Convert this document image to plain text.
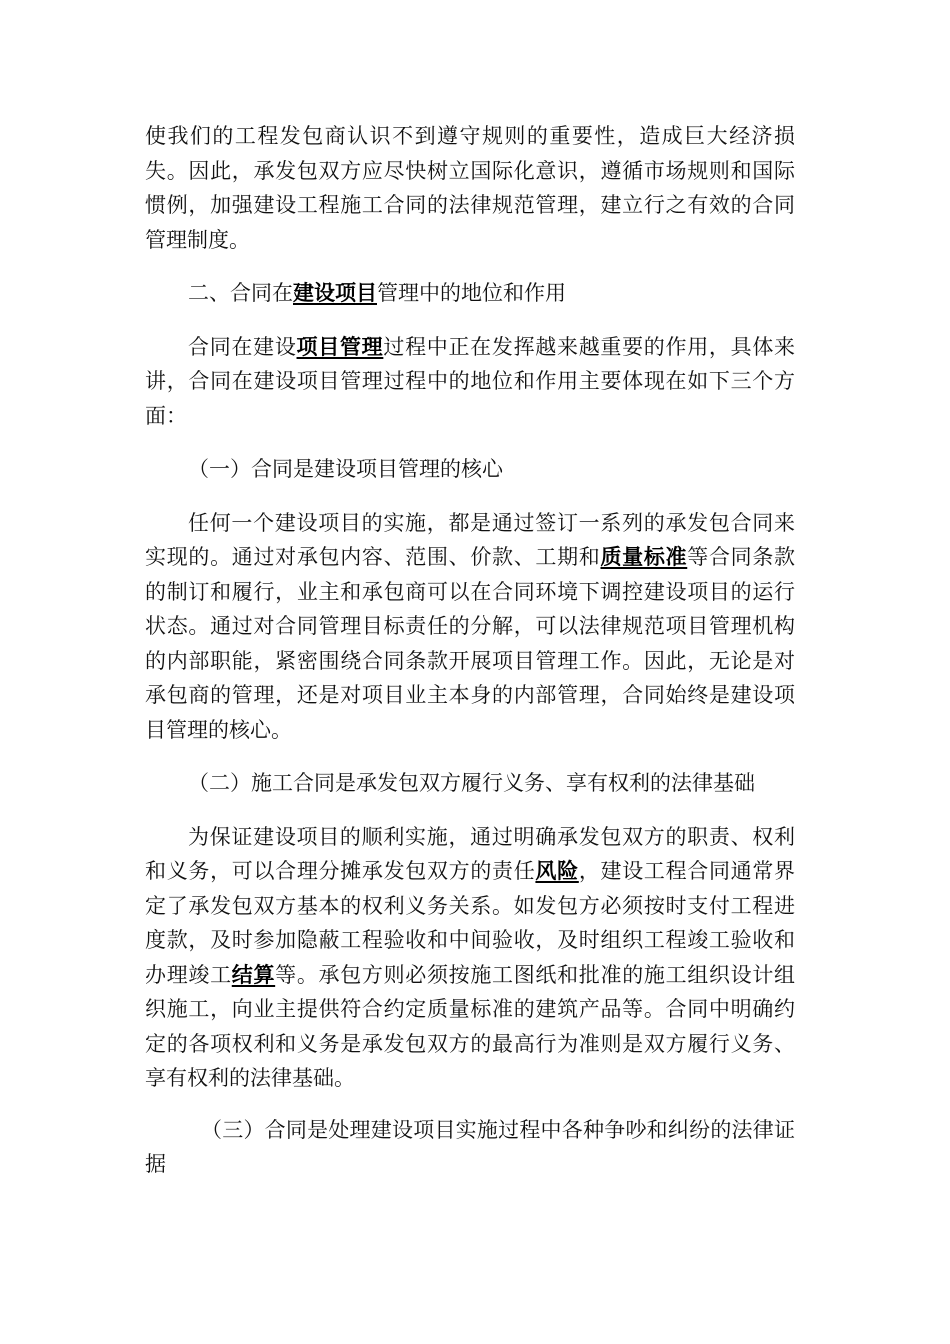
使我们的工程发包商认识不到遵守规则的重要性，造成巨大经济损失。因此，承发包双方应尽快树立国际化意识，遵循市场规则和国际惯例，加强建设工程施工合同的法律规范管理，建立行之有效的合同管理制度。

二、合同在建设项目管理中的地位和作用

合同在建设项目管理过程中正在发挥越来越重要的作用，具体来讲，合同在建设项目管理过程中的地位和作用主要体现在如下三个方面：

（一）合同是建设项目管理的核心

任何一个建设项目的实施，都是通过签订一系列的承发包合同来实现的。通过对承包内容、范围、价款、工期和质量标准等合同条款的制订和履行，业主和承包商可以在合同环境下调控建设项目的运行状态。通过对合同管理目标责任的分解，可以法律规范项目管理机构的内部职能，紧密围绕合同条款开展项目管理工作。因此，无论是对承包商的管理，还是对项目业主本身的内部管理，合同始终是建设项目管理的核心。

（二）施工合同是承发包双方履行义务、享有权利的法律基础

为保证建设项目的顺利实施，通过明确承发包双方的职责、权利和义务，可以合理分摊承发包双方的责任风险，建设工程合同通常界定了承发包双方基本的权利义务关系。如发包方必须按时支付工程进度款，及时参加隐蔽工程验收和中间验收，及时组织工程竣工验收和办理竣工结算等。承包方则必须按施工图纸和批准的施工组织设计组织施工，向业主提供符合约定质量标准的建筑产品等。合同中明确约定的各项权利和义务是承发包双方的最高行为准则是双方履行义务、享有权利的法律基础。

（三）合同是处理建设项目实施过程中各种争吵和纠纷的法律证据
